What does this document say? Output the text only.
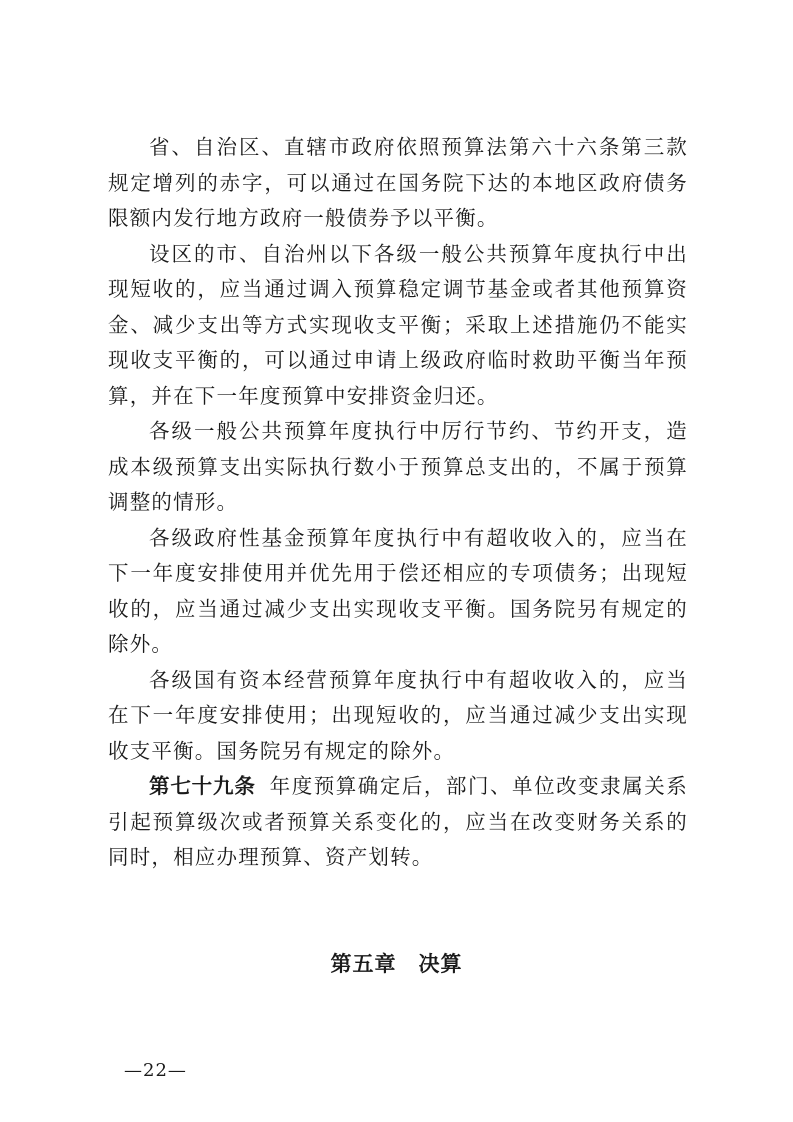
省、自治区、直辖市政府依照预算法第六十六条第三款规定增列的赤字，可以通过在国务院下达的本地区政府债务限额内发行地方政府一般债券予以平衡。

设区的市、自治州以下各级一般公共预算年度执行中出现短收的，应当通过调入预算稳定调节基金或者其他预算资金、减少支出等方式实现收支平衡；采取上述措施仍不能实现收支平衡的，可以通过申请上级政府临时救助平衡当年预算，并在下一年度预算中安排资金归还。

各级一般公共预算年度执行中厉行节约、节约开支，造成本级预算支出实际执行数小于预算总支出的，不属于预算调整的情形。

各级政府性基金预算年度执行中有超收收入的，应当在下一年度安排使用并优先用于偿还相应的专项债务；出现短收的，应当通过减少支出实现收支平衡。国务院另有规定的除外。

各级国有资本经营预算年度执行中有超收收入的，应当在下一年度安排使用；出现短收的，应当通过减少支出实现收支平衡。国务院另有规定的除外。

第七十九条 年度预算确定后，部门、单位改变隶属关系引起预算级次或者预算关系变化的，应当在改变财务关系的同时，相应办理预算、资产划转。

第五章 决算
—22—
